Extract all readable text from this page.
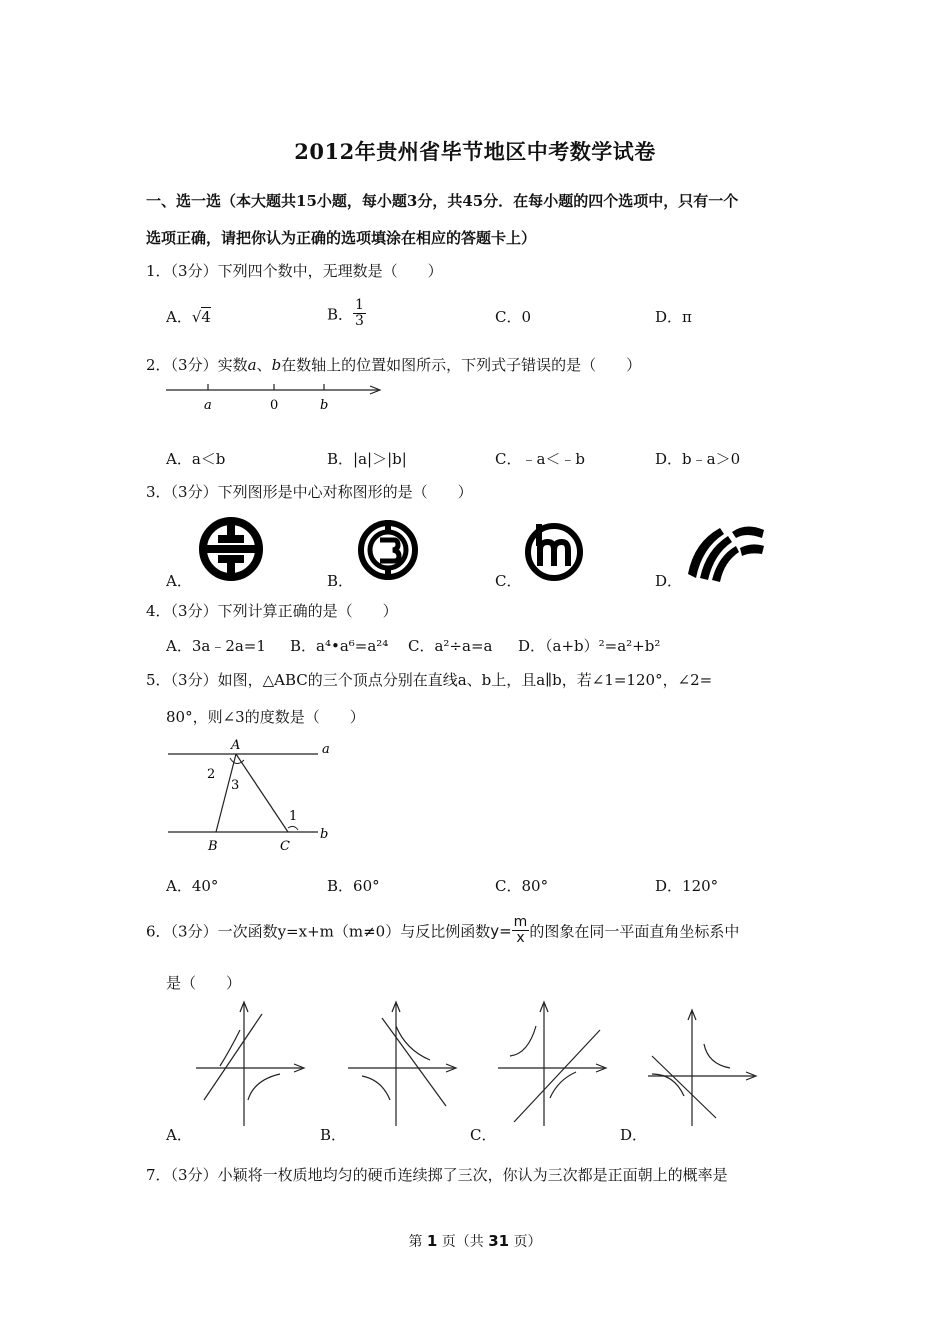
2012年贵州省毕节地区中考数学试卷
一、选一选（本大题共15小题，每小题3分，共45分．在每小题的四个选项中，只有一个
选项正确，请把你认为正确的选项填涂在相应的答题卡上）
1．（3分）下列四个数中，无理数是（　　）
A．√4	B． $\frac{1}{3}$	C．0	D．π
2．（3分）实数a、b在数轴上的位置如图所示，下列式子错误的是（　　）
a	0	b
A．a＜b	B．|a|＞|b|	C．﹣a＜﹣b	D．b﹣a＞0
3．（3分）下列图形是中心对称图形的是（　　）
A．	B．	C．	D．
4．（3分）下列计算正确的是（　　）
A．3a﹣2a=1 B．a⁴•a⁶=a²⁴ C．a²÷a=a D．（a+b）²=a²+b²
5．（3分）如图，△ABC的三个顶点分别在直线a、b上，且a∥b，若∠1=120°，∠2=
80°，则∠3的度数是（　　）
A	a
2
3
1
B	C
b
A．40°	B．60°	C．80°	D．120°
6．（3分）一次函数y=x+m（m≠0）与反比例函数$y= \frac{m}{x}$ 的图象在同一平面直角坐标系中
是（　　）
A．	B．	C．	D．
7．（3分）小颖将一枚质地均匀的硬币连续掷了三次，你认为三次都是正面朝上的概率是
第 1 页（共 31 页）
